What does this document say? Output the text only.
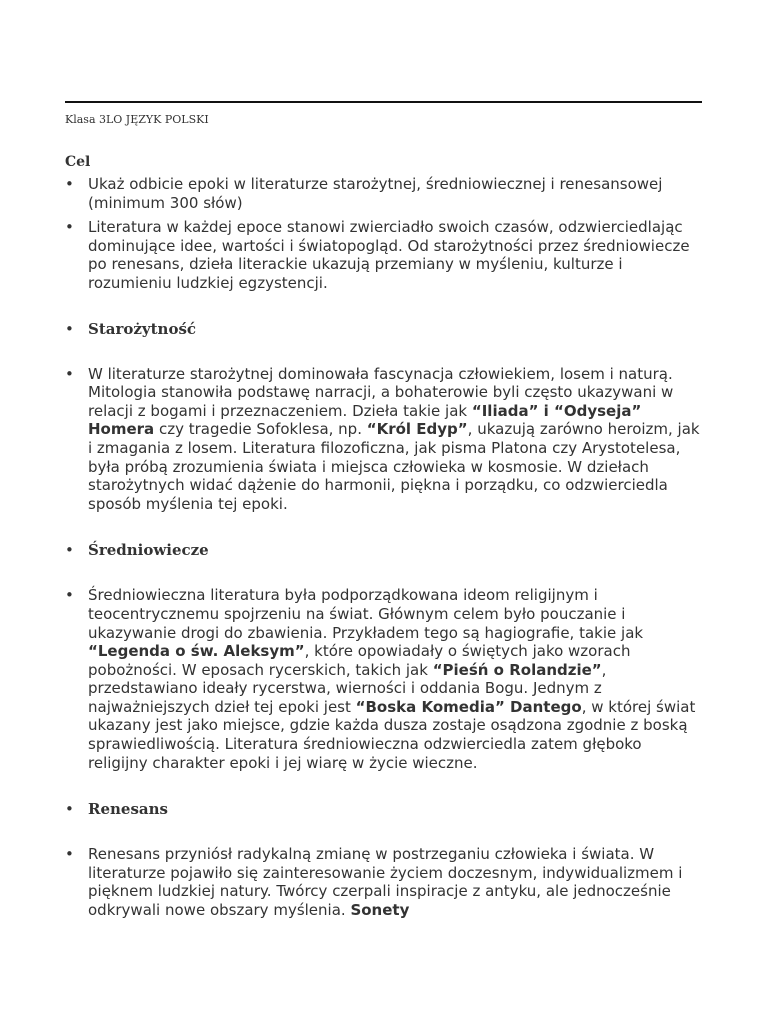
Klasa 3LO JĘZYK POLSKI
Cel
• Ukaż odbicie epoki w literaturze starożytnej, średniowiecznej i renesansowej (minimum 300 słów)
• Literatura w każdej epoce stanowi zwierciadło swoich czasów, odzwierciedlając dominujące idee, wartości i światopogląd. Od starożytności przez średniowiecze po renesans, dzieła literackie ukazują przemiany w myśleniu, kulturze i rozumieniu ludzkiej egzystencji.
• Starożytność
• W literaturze starożytnej dominowała fascynacja człowiekiem, losem i naturą. Mitologia stanowiła podstawę narracji, a bohaterowie byli często ukazywani w relacji z bogami i przeznaczeniem. Dzieła takie jak “Iliada” i “Odyseja” Homera czy tragedie Sofoklesa, np. “Król Edyp”, ukazują zarówno heroizm, jak i zmagania z losem. Literatura filozoficzna, jak pisma Platona czy Arystotelesa, była próbą zrozumienia świata i miejsca człowieka w kosmosie. W dziełach starożytnych widać dążenie do harmonii, piękna i porządku, co odzwierciedla sposób myślenia tej epoki.
• Średniowiecze
• Średniowieczna literatura była podporządkowana ideom religijnym i teocentrycznemu spojrzeniu na świat. Głównym celem było pouczanie i ukazywanie drogi do zbawienia. Przykładem tego są hagiografie, takie jak “Legenda o św. Aleksym”, które opowiadały o świętych jako wzorach pobożności. W eposach rycerskich, takich jak “Pieśń o Rolandzie”, przedstawiano ideały rycerstwa, wierności i oddania Bogu. Jednym z najważniejszych dzieł tej epoki jest “Boska Komedia” Dantego, w której świat ukazany jest jako miejsce, gdzie każda dusza zostaje osądzona zgodnie z boską sprawiedliwością. Literatura średniowieczna odzwierciedla zatem głęboko religijny charakter epoki i jej wiarę w życie wieczne.
• Renesans
• Renesans przyniósł radykalną zmianę w postrzeganiu człowieka i świata. W literaturze pojawiło się zainteresowanie życiem doczesnym, indywidualizmem i pięknem ludzkiej natury. Twórcy czerpali inspiracje z antyku, ale jednocześnie odkrywali nowe obszary myślenia. Sonety
